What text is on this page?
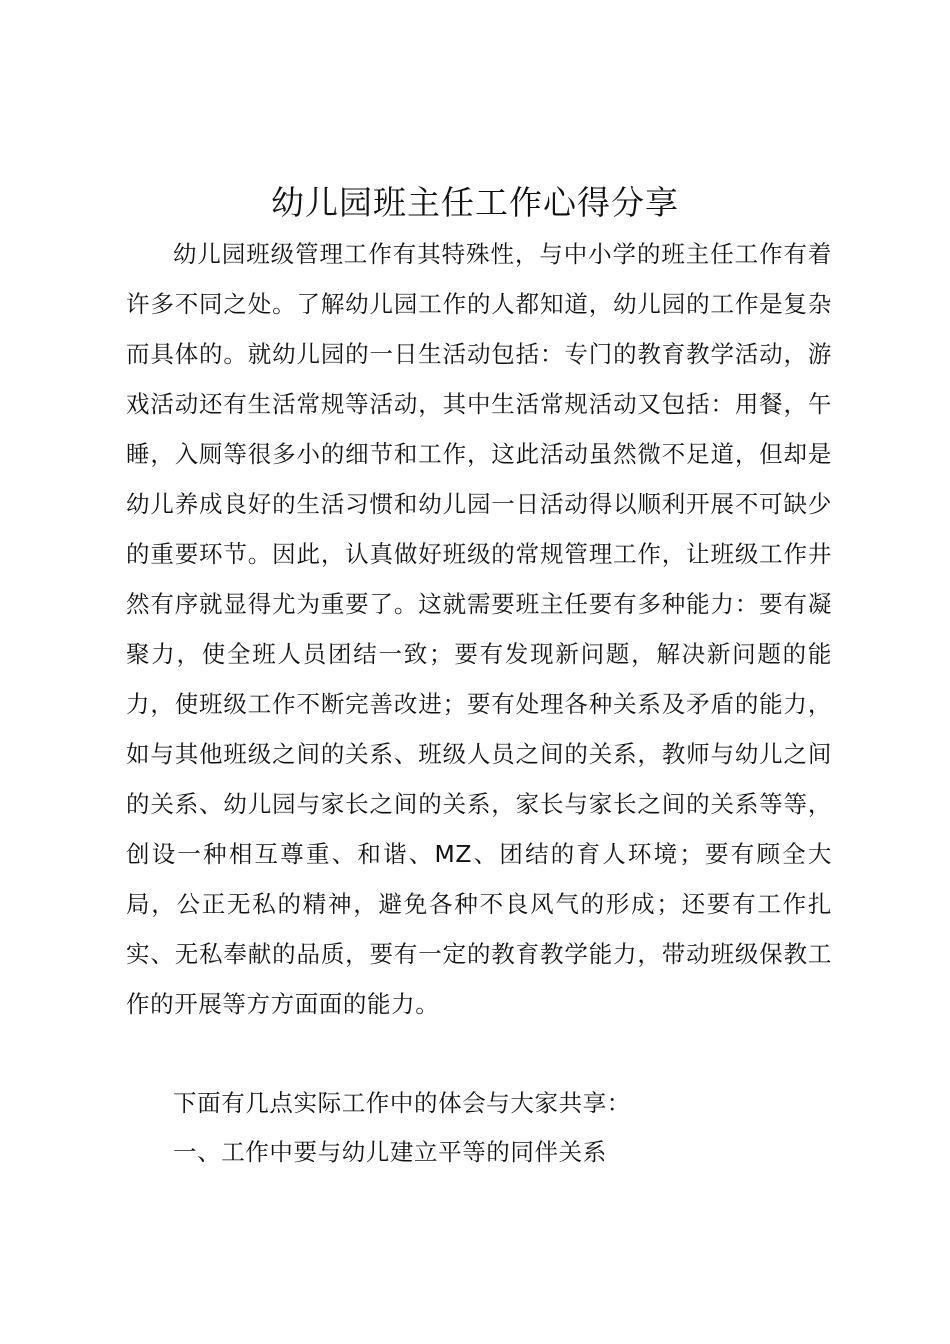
幼儿园班主任工作心得分享

幼儿园班级管理工作有其特殊性，与中小学的班主任工作有着许多不同之处。了解幼儿园工作的人都知道，幼儿园的工作是复杂而具体的。就幼儿园的一日生活动包括：专门的教育教学活动，游戏活动还有生活常规等活动，其中生活常规活动又包括：用餐，午睡，入厕等很多小的细节和工作，这此活动虽然微不足道，但却是幼儿养成良好的生活习惯和幼儿园一日活动得以顺利开展不可缺少的重要环节。因此，认真做好班级的常规管理工作，让班级工作井然有序就显得尤为重要了。这就需要班主任要有多种能力：要有凝聚力，使全班人员团结一致；要有发现新问题，解决新问题的能力，使班级工作不断完善改进；要有处理各种关系及矛盾的能力，如与其他班级之间的关系、班级人员之间的关系，教师与幼儿之间的关系、幼儿园与家长之间的关系，家长与家长之间的关系等等，创设一种相互尊重、和谐、MZ、团结的育人环境；要有顾全大局，公正无私的精神，避免各种不良风气的形成；还要有工作扎实、无私奉献的品质，要有一定的教育教学能力，带动班级保教工作的开展等方方面面的能力。

下面有几点实际工作中的体会与大家共享：

一、工作中要与幼儿建立平等的同伴关系
